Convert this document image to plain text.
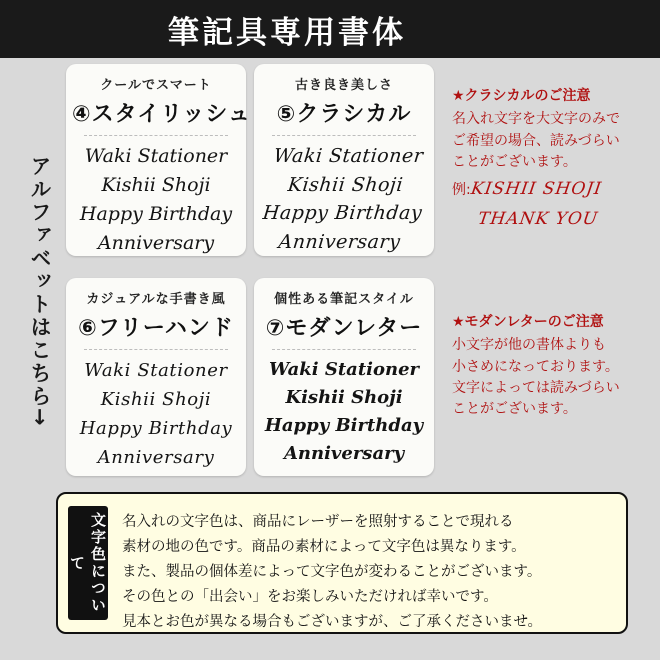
筆記具専用書体
アルファベットはこちら→
クールでスマート
④スタイリッシュ
Waki Stationer
Kishii Shoji
Happy Birthday
Anniversary
古き良き美しさ
⑤クラシカル
Waki Stationer
Kishii Shoji
Happy Birthday
Anniversary
★クラシカルのご注意
名入れ文字を大文字のみで
ご希望の場合、読みづらい
ことがございます。
例:KISHII SHOJI
THANK YOU
カジュアルな手書き風
⑥フリーハンド
Waki Stationer
Kishii Shoji
Happy Birthday
Anniversary
個性ある筆記スタイル
⑦モダンレター
Waki Stationer
Kishii Shoji
Happy Birthday
Anniversary
★モダンレターのご注意
小文字が他の書体よりも
小さめになっております。
文字によっては読みづらい
ことがございます。
文字色について
名入れの文字色は、商品にレーザーを照射することで現れる
素材の地の色です。商品の素材によって文字色は異なります。
また、製品の個体差によって文字色が変わることがございます。
その色との「出会い」をお楽しみいただければ幸いです。
見本とお色が異なる場合もございますが、ご了承くださいませ。
